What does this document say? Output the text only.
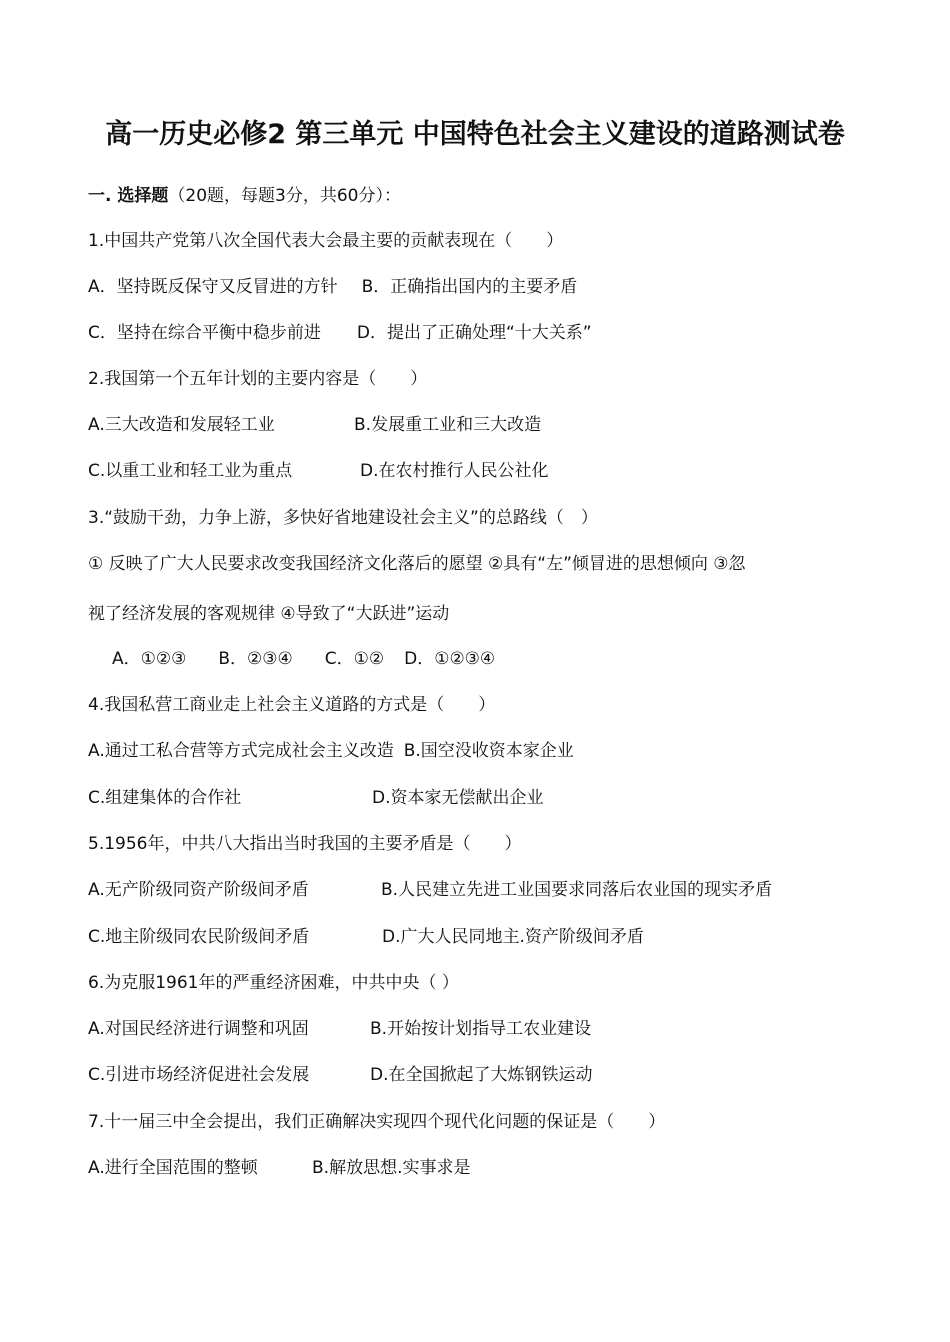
高一历史必修2 第三单元 中国特色社会主义建设的道路测试卷
一. 选择题（20题，每题3分，共60分）：
1.中国共产党第八次全国代表大会最主要的贡献表现在（　　）
A．坚持既反保守又反冒进的方针 B．正确指出国内的主要矛盾
C．坚持在综合平衡中稳步前进 D．提出了正确处理“十大关系”
2.我国第一个五年计划的主要内容是（　　）
A.三大改造和发展轻工业	B.发展重工业和三大改造
C.以重工业和轻工业为重点	D.在农村推行人民公社化
3.“鼓励干劲，力争上游，多快好省地建设社会主义”的总路线（　）
① 反映了广大人民要求改变我国经济文化落后的愿望 ②具有“左”倾冒进的思想倾向 ③忽
视了经济发展的客观规律 ④导致了“大跃进”运动
A．①②③ B．②③④ C．①② D．①②③④
4.我国私营工商业走上社会主义道路的方式是（　　）
A.通过工私合营等方式完成社会主义改造 B.国空没收资本家企业
C.组建集体的合作社	D.资本家无偿献出企业
5.1956年，中共八大指出当时我国的主要矛盾是（　　）
A.无产阶级同资产阶级间矛盾	B.人民建立先进工业国要求同落后农业国的现实矛盾
C.地主阶级同农民阶级间矛盾	D.广大人民同地主.资产阶级间矛盾
6.为克服1961年的严重经济困难，中共中央（ ）
A.对国民经济进行调整和巩固	B.开始按计划指导工农业建设
C.引进市场经济促进社会发展	D.在全国掀起了大炼钢铁运动
7.十一届三中全会提出，我们正确解决实现四个现代化问题的保证是（　　）
A.进行全国范围的整顿	B.解放思想.实事求是
